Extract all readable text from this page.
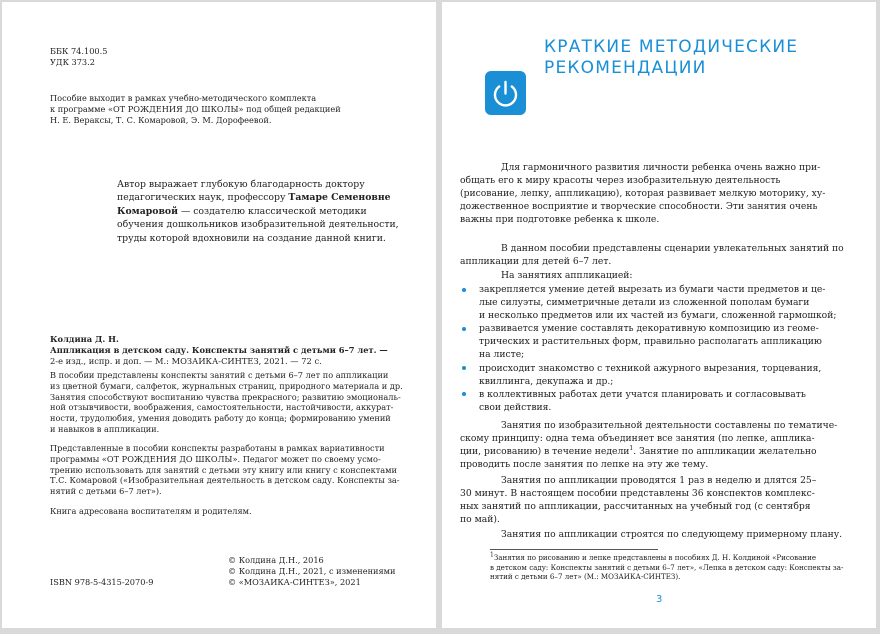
ББК 74.100.5
УДК 373.2
Пособие выходит в рамках учебно-методического комплекта
к программе «ОТ РОЖДЕНИЯ ДО ШКОЛЫ» под общей редакцией
Н. Е. Вераксы, Т. С. Комаровой, Э. М. Дорофеевой.
Автор выражает глубокую благодарность доктору
педагогических наук, профессору Тамаре Семеновне
Комаровой — создателю классической методики
обучения дошкольников изобразительной деятельности,
труды которой вдохновили на создание данной книги.
Колдина Д. Н.
Аппликация в детском саду. Конспекты занятий с детьми 6–7 лет. —
2-е изд., испр. и доп. — М.: МОЗАИКА-СИНТЕЗ, 2021. — 72 с.
В пособии представлены конспекты занятий с детьми 6–7 лет по аппликации
из цветной бумаги, салфеток, журнальных страниц, природного материала и др.
Занятия способствуют воспитанию чувства прекрасного; развитию эмоциональ-
ной отзывчивости, воображения, самостоятельности, настойчивости, аккурат-
ности, трудолюбия, умения доводить работу до конца; формированию умений
и навыков в аппликации.
Представленные в пособии конспекты разработаны в рамках вариативности
программы «ОТ РОЖДЕНИЯ ДО ШКОЛЫ». Педагог может по своему усмо-
трению использовать для занятий с детьми эту книгу или книгу с конспектами
Т.С. Комаровой («Изобразительная деятельность в детском саду. Конспекты за-
нятий с детьми 6–7 лет»).
Книга адресована воспитателям и родителям.
© Колдина Д.Н., 2016
© Колдина Д.Н., 2021, с изменениями
© «МОЗАИКА-СИНТЕЗ», 2021
ISBN 978-5-4315-2070-9
КРАТКИЕ МЕТОДИЧЕСКИЕ
РЕКОМЕНДАЦИИ
Для гармоничного развития личности ребенка очень важно при-
общать его к миру красоты через изобразительную деятельность
(рисование, лепку, аппликацию), которая развивает мелкую моторику, ху-
дожественное восприятие и творческие способности. Эти занятия очень
важны при подготовке ребенка к школе.
В данном пособии представлены сценарии увлекательных занятий по
аппликации для детей 6–7 лет.
На занятиях аппликацией:
закрепляется умение детей вырезать из бумаги части предметов и це-
лые силуэты, симметричные детали из сложенной пополам бумаги
и несколько предметов или их частей из бумаги, сложенной гармошкой;
развивается умение составлять декоративную композицию из геоме-
трических и растительных форм, правильно располагать аппликацию
на листе;
происходит знакомство с техникой ажурного вырезания, торцевания,
квиллинга, декупажа и др.;
в коллективных работах дети учатся планировать и согласовывать
свои действия.
Занятия по изобразительной деятельности составлены по тематиче-
скому принципу: одна тема объединяет все занятия (по лепке, апплика-
ции, рисованию) в течение недели$^1$. Занятие по аппликации желательно
проводить после занятия по лепке на эту же тему.
Занятия по аппликации проводятся 1 раз в неделю и длятся 25–
30 минут. В настоящем пособии представлены 36 конспектов комплекс-
ных занятий по аппликации, рассчитанных на учебный год (с сентября
по май).
Занятия по аппликации строятся по следующему примерному плану.
$^1$Занятия по рисованию и лепке представлены в пособиях Д. Н. Колдиной «Рисование
в детском саду: Конспекты занятий с детьми 6–7 лет», «Лепка в детском саду: Конспекты за-
нятий с детьми 6–7 лет» (М.: МОЗАИКА-СИНТЕЗ).
3
